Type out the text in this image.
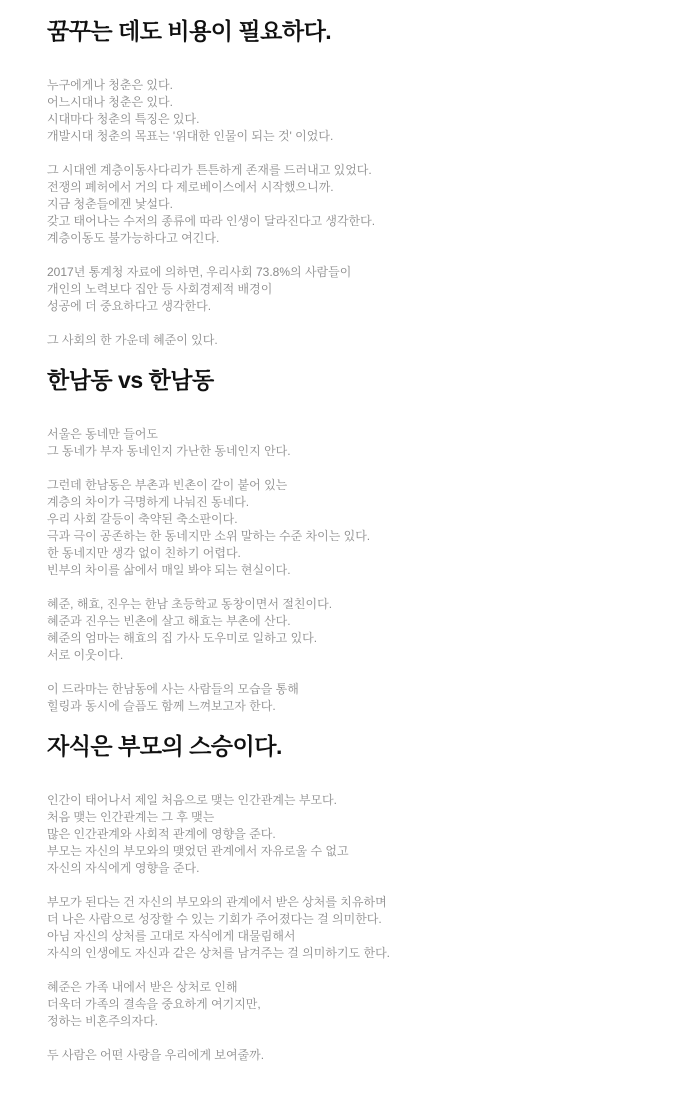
꿈꾸는 데도 비용이 필요하다.

누구에게나 청춘은 있다.
어느시대나 청춘은 있다.
시대마다 청춘의 특징은 있다.
개발시대 청춘의 목표는 '위대한 인물이 되는 것' 이었다.

그 시대엔 계층이동사다리가 튼튼하게 존재를 드러내고 있었다.
전쟁의 폐허에서 거의 다 제로베이스에서 시작했으니까.
지금 청춘들에겐 낯설다.
갖고 태어나는 수저의 종류에 따라 인생이 달라진다고 생각한다.
계층이동도 불가능하다고 여긴다.

2017년 통계청 자료에 의하면, 우리사회 73.8%의 사람들이
개인의 노력보다 집안 등 사회경제적 배경이
성공에 더 중요하다고 생각한다.

그 사회의 한 가운데 혜준이 있다.

한남동 vs 한남동

서울은 동네만 들어도
그 동네가 부자 동네인지 가난한 동네인지 안다.

그런데 한남동은 부촌과 빈촌이 같이 붙어 있는
계층의 차이가 극명하게 나눠진 동네다.
우리 사회 갈등이 축약된 축소판이다.
극과 극이 공존하는 한 동네지만 소위 말하는 수준 차이는 있다.
한 동네지만 생각 없이 친하기 어렵다.
빈부의 차이를 삶에서 매일 봐야 되는 현실이다.

혜준, 해효, 진우는 한남 초등학교 동창이면서 절친이다.
혜준과 진우는 빈촌에 살고 해효는 부촌에 산다.
혜준의 엄마는 해효의 집 가사 도우미로 일하고 있다.
서로 이웃이다.

이 드라마는 한남동에 사는 사람들의 모습을 통해
힐링과 동시에 슬픔도 함께 느껴보고자 한다.

자식은 부모의 스승이다.

인간이 태어나서 제일 처음으로 맺는 인간관계는 부모다.
처음 맺는 인간관계는 그 후 맺는
많은 인간관계와 사회적 관계에 영향을 준다.
부모는 자신의 부모와의 맺었던 관계에서 자유로울 수 없고
자신의 자식에게 영향을 준다.

부모가 된다는 건 자신의 부모와의 관계에서 받은 상처를 치유하며
더 나은 사람으로 성장할 수 있는 기회가 주어졌다는 걸 의미한다.
아님 자신의 상처를 고대로 자식에게 대물림해서
자식의 인생에도 자신과 같은 상처를 남겨주는 걸 의미하기도 한다.

혜준은 가족 내에서 받은 상처로 인해
더욱더 가족의 결속을 중요하게 여기지만,
정하는 비혼주의자다.

두 사람은 어떤 사랑을 우리에게 보여줄까.
